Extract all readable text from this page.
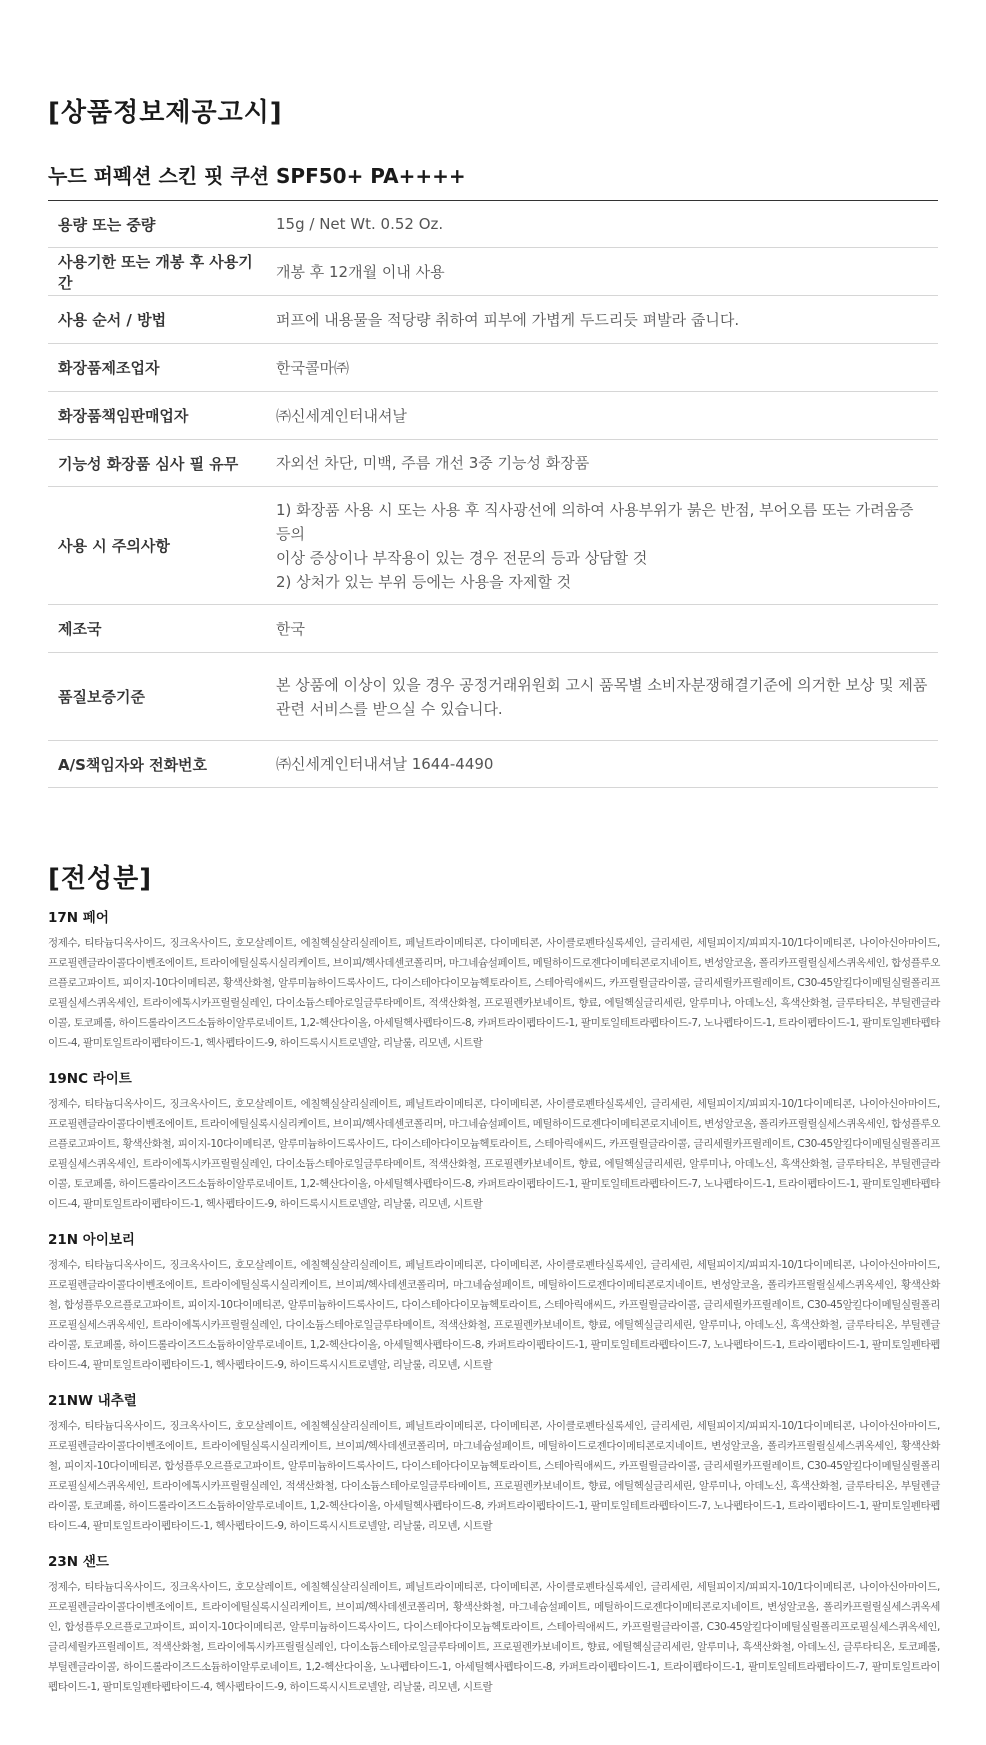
[상품정보제공고시]
누드 퍼펙션 스킨 핏 쿠션 SPF50+ PA++++
용량 또는 중량	15g / Net Wt. 0.52 Oz.

사용기한 또는 개봉 후 사용기간	개봉 후 12개월 이내 사용

사용 순서 / 방법	퍼프에 내용물을 적당량 취하여 피부에 가볍게 두드리듯 펴발라 줍니다.

화장품제조업자	한국콜마㈜

화장품책임판매업자	㈜신세계인터내셔날

기능성 화장품 심사 필 유무	자외선 차단, 미백, 주름 개선 3중 기능성 화장품

사용 시 주의사항	1) 화장품 사용 시 또는 사용 후 직사광선에 의하여 사용부위가 붉은 반점, 부어오름 또는 가려움증 등의
이상 증상이나 부작용이 있는 경우 전문의 등과 상담할 것
2) 상처가 있는 부위 등에는 사용을 자제할 것

제조국	한국

품질보증기준	본 상품에 이상이 있을 경우 공정거래위원회 고시 품목별 소비자분쟁해결기준에 의거한 보상 및 제품
관련 서비스를 받으실 수 있습니다.

A/S책임자와 전화번호	㈜신세계인터내셔날 1644-4490
[전성분]
17N 페어

정제수, 티타늄디옥사이드, 징크옥사이드, 호모살레이트, 에칠헥실살리실레이트, 페닐트라이메티콘, 다이메티콘, 사이클로펜타실록세인, 글리세린, 세틸피이지/피피지-10/1다이메티콘, 나이아신아마이드, 프로필렌글라이콜다이벤조에이트, 트라이에틸실록시실리케이트, 브이피/헥사데센코폴리머, 마그네슘설페이트, 메틸하이드로젠다이메티콘로지네이트, 변성알코올, 폴리카프릴릴실세스퀴옥세인, 합성플루오르플로고파이트, 피이지-10다이메티콘, 황색산화철, 알루미늄하이드록사이드, 다이스테아다이모늄헥토라이트, 스테아릭애씨드, 카프릴릴글라이콜, 글리세릴카프릴레이트, C30-45알킬다이메틸실릴폴리프로필실세스퀴옥세인, 트라이에톡시카프릴릴실레인, 다이소듐스테아로일글루타메이트, 적색산화철, 프로필렌카보네이트, 향료, 에틸헥실글리세린, 알루미나, 아데노신, 흑색산화철, 글루타티온, 부틸렌글라이콜, 토코페롤, 하이드롤라이즈드소듐하이알루로네이트, 1,2-헥산다이올, 아세틸헥사펩타이드-8, 카퍼트라이펩타이드-1, 팔미토일테트라펩타이드-7, 노나펩타이드-1, 트라이펩타이드-1, 팔미토일펜타펩타이드-4, 팔미토일트라이펩타이드-1, 헥사펩타이드-9, 하이드록시시트로넬알, 리날룰, 리모넨, 시트랄

19NC 라이트

정제수, 티타늄디옥사이드, 징크옥사이드, 호모살레이트, 에칠헥실살리실레이트, 페닐트라이메티콘, 다이메티콘, 사이클로펜타실록세인, 글리세린, 세틸피이지/피피지-10/1다이메티콘, 나이아신아마이드, 프로필렌글라이콜다이벤조에이트, 트라이에틸실록시실리케이트, 브이피/헥사데센코폴리머, 마그네슘설페이트, 메틸하이드로젠다이메티콘로지네이트, 변성알코올, 폴리카프릴릴실세스퀴옥세인, 합성플루오르플로고파이트, 황색산화철, 피이지-10다이메티콘, 알루미늄하이드록사이드, 다이스테아다이모늄헥토라이트, 스테아릭애씨드, 카프릴릴글라이콜, 글리세릴카프릴레이트, C30-45알킬다이메틸실릴폴리프로필실세스퀴옥세인, 트라이에톡시카프릴릴실레인, 다이소듐스테아로일글루타메이트, 적색산화철, 프로필렌카보네이트, 향료, 에틸헥실글리세린, 알루미나, 아데노신, 흑색산화철, 글루타티온, 부틸렌글라이콜, 토코페롤, 하이드롤라이즈드소듐하이알루로네이트, 1,2-헥산다이올, 아세틸헥사펩타이드-8, 카퍼트라이펩타이드-1, 팔미토일테트라펩타이드-7, 노나펩타이드-1, 트라이펩타이드-1, 팔미토일펜타펩타이드-4, 팔미토일트라이펩타이드-1, 헥사펩타이드-9, 하이드록시시트로넬알, 리날룰, 리모넨, 시트랄

21N 아이보리

정제수, 티타늄디옥사이드, 징크옥사이드, 호모살레이트, 에칠헥실살리실레이트, 페닐트라이메티콘, 다이메티콘, 사이클로펜타실록세인, 글리세린, 세틸피이지/피피지-10/1다이메티콘, 나이아신아마이드, 프로필렌글라이콜다이벤조에이트, 트라이에틸실록시실리케이트, 브이피/헥사데센코폴리머, 마그네슘설페이트, 메틸하이드로젠다이메티콘로지네이트, 변성알코올, 폴리카프릴릴실세스퀴옥세인, 황색산화철, 합성플루오르플로고파이트, 피이지-10다이메티콘, 알루미늄하이드록사이드, 다이스테아다이모늄헥토라이트, 스테아릭애씨드, 카프릴릴글라이콜, 글리세릴카프릴레이트, C30-45알킬다이메틸실릴폴리프로필실세스퀴옥세인, 트라이에톡시카프릴릴실레인, 다이소듐스테아로일글루타메이트, 적색산화철, 프로필렌카보네이트, 향료, 에틸헥실글리세린, 알루미나, 아데노신, 흑색산화철, 글루타티온, 부틸렌글라이콜, 토코페롤, 하이드롤라이즈드소듐하이알루로네이트, 1,2-헥산다이올, 아세틸헥사펩타이드-8, 카퍼트라이펩타이드-1, 팔미토일테트라펩타이드-7, 노나펩타이드-1, 트라이펩타이드-1, 팔미토일펜타펩타이드-4, 팔미토일트라이펩타이드-1, 헥사펩타이드-9, 하이드록시시트로넬알, 리날룰, 리모넨, 시트랄

21NW 내추럴

정제수, 티타늄디옥사이드, 징크옥사이드, 호모살레이트, 에칠헥실살리실레이트, 페닐트라이메티콘, 다이메티콘, 사이클로펜타실록세인, 글리세린, 세틸피이지/피피지-10/1다이메티콘, 나이아신아마이드, 프로필렌글라이콜다이벤조에이트, 트라이에틸실록시실리케이트, 브이피/헥사데센코폴리머, 마그네슘설페이트, 메틸하이드로젠다이메티콘로지네이트, 변성알코올, 폴리카프릴릴실세스퀴옥세인, 황색산화철, 피이지-10다이메티콘, 합성플루오르플로고파이트, 알루미늄하이드록사이드, 다이스테아다이모늄헥토라이트, 스테아릭애씨드, 카프릴릴글라이콜, 글리세릴카프릴레이트, C30-45알킬다이메틸실릴폴리프로필실세스퀴옥세인, 트라이에톡시카프릴릴실레인, 적색산화철, 다이소듐스테아로일글루타메이트, 프로필렌카보네이트, 향료, 에틸헥실글리세린, 알루미나, 아데노신, 흑색산화철, 글루타티온, 부틸렌글라이콜, 토코페롤, 하이드롤라이즈드소듐하이알루로네이트, 1,2-헥산다이올, 아세틸헥사펩타이드-8, 카퍼트라이펩타이드-1, 팔미토일테트라펩타이드-7, 노나펩타이드-1, 트라이펩타이드-1, 팔미토일펜타펩타이드-4, 팔미토일트라이펩타이드-1, 헥사펩타이드-9, 하이드록시시트로넬알, 리날룰, 리모넨, 시트랄

23N 샌드

정제수, 티타늄디옥사이드, 징크옥사이드, 호모살레이트, 에칠헥실살리실레이트, 페닐트라이메티콘, 다이메티콘, 사이클로펜타실록세인, 글리세린, 세틸피이지/피피지-10/1다이메티콘, 나이아신아마이드, 프로필렌글라이콜다이벤조에이트, 트라이에틸실록시실리케이트, 브이피/헥사데센코폴리머, 황색산화철, 마그네슘설페이트, 메틸하이드로젠다이메티콘로지네이트, 변성알코올, 폴리카프릴릴실세스퀴옥세인, 합성플루오르플로고파이트, 피이지-10다이메티콘, 알루미늄하이드록사이드, 다이스테아다이모늄헥토라이트, 스테아릭애씨드, 카프릴릴글라이콜, C30-45알킬다이메틸실릴폴리프로필실세스퀴옥세인, 글리세릴카프릴레이트, 적색산화철, 트라이에톡시카프릴릴실레인, 다이소듐스테아로일글루타메이트, 프로필렌카보네이트, 향료, 에틸헥실글리세린, 알루미나, 흑색산화철, 아데노신, 글루타티온, 토코페롤, 부틸렌글라이콜, 하이드롤라이즈드소듐하이알루로네이트, 1,2-헥산다이올, 노나펩타이드-1, 아세틸헥사펩타이드-8, 카퍼트라이펩타이드-1, 트라이펩타이드-1, 팔미토일테트라펩타이드-7, 팔미토일트라이펩타이드-1, 팔미토일펜타펩타이드-4, 헥사펩타이드-9, 하이드록시시트로넬알, 리날룰, 리모넨, 시트랄
